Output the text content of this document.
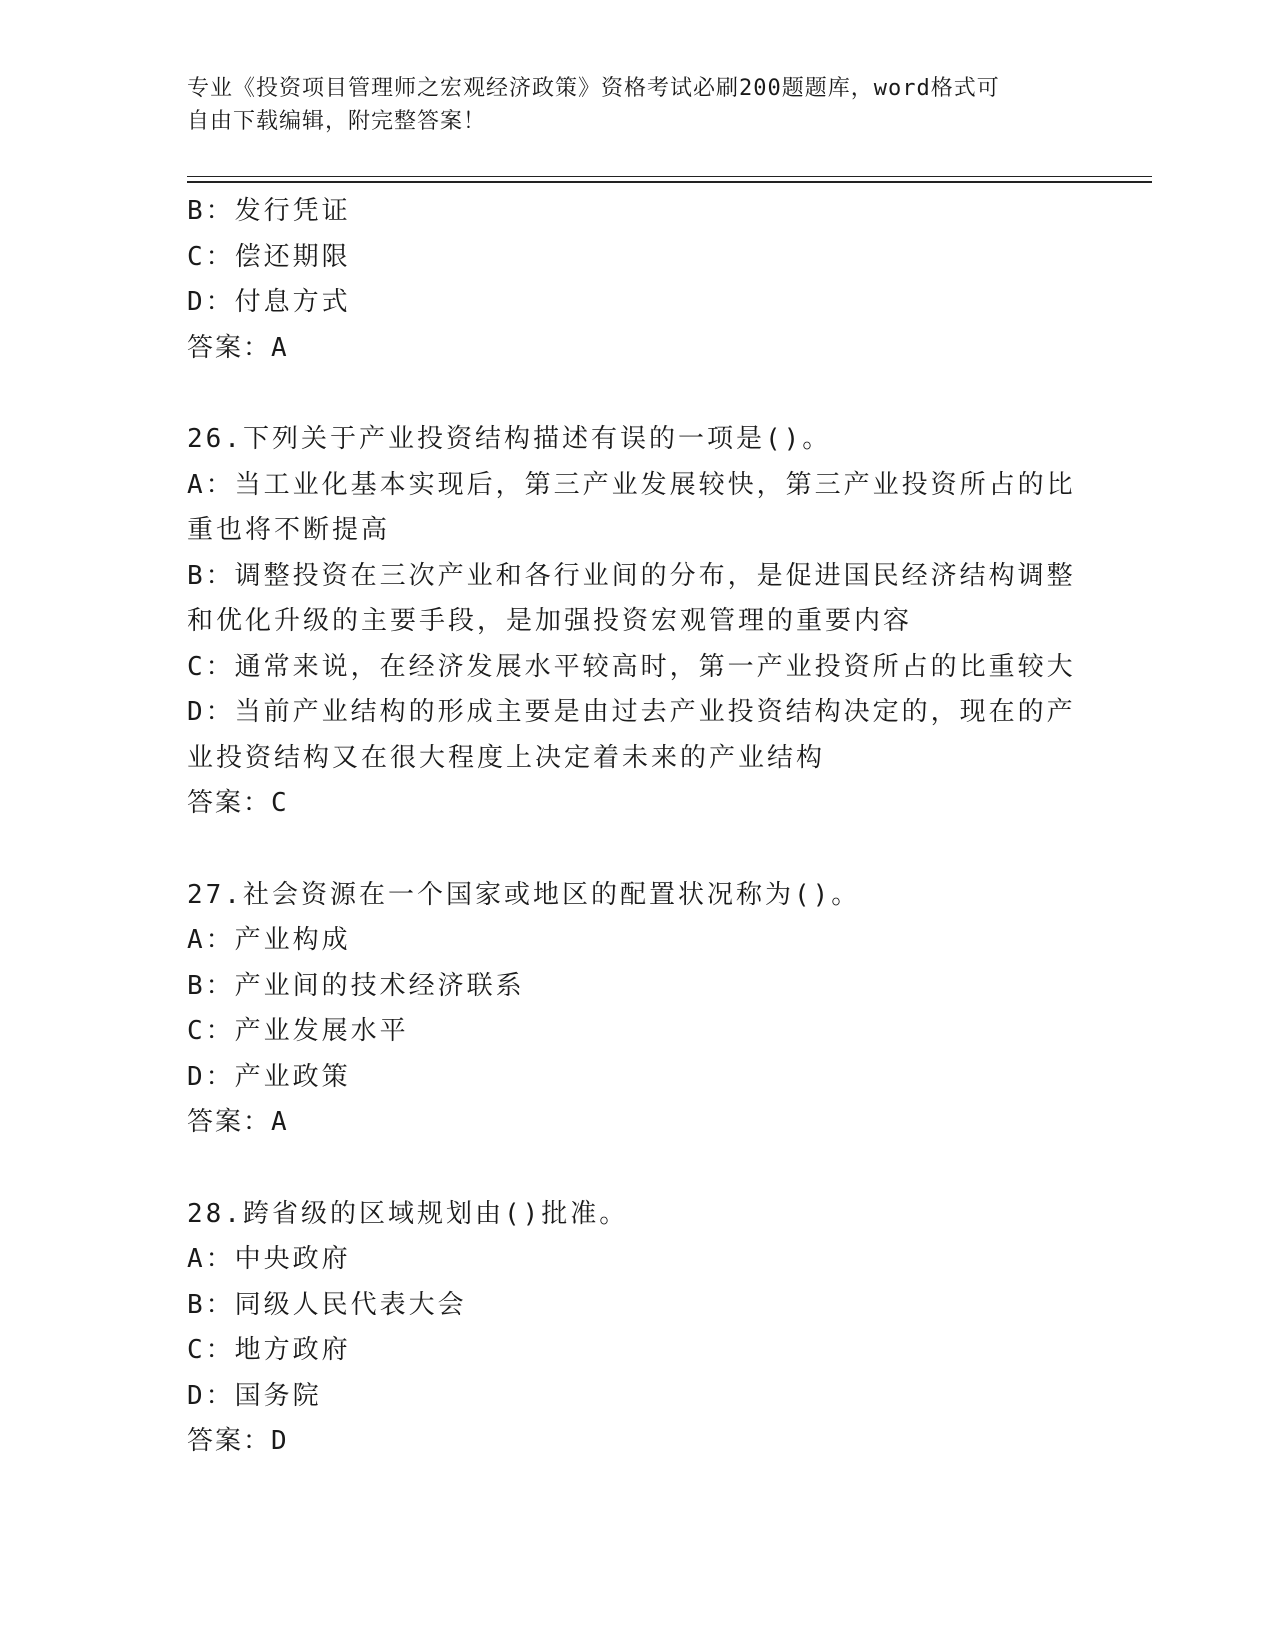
专业《投资项目管理师之宏观经济政策》资格考试必刷200题题库，word格式可
自由下载编辑，附完整答案！
B：发行凭证
C：偿还期限
D：付息方式
答案：A
26.下列关于产业投资结构描述有误的一项是()。
A：当工业化基本实现后，第三产业发展较快，第三产业投资所占的比
重也将不断提高
B：调整投资在三次产业和各行业间的分布，是促进国民经济结构调整
和优化升级的主要手段，是加强投资宏观管理的重要内容
C：通常来说，在经济发展水平较高时，第一产业投资所占的比重较大
D：当前产业结构的形成主要是由过去产业投资结构决定的，现在的产
业投资结构又在很大程度上决定着未来的产业结构
答案：C
27.社会资源在一个国家或地区的配置状况称为()。
A：产业构成
B：产业间的技术经济联系
C：产业发展水平
D：产业政策
答案：A
28.跨省级的区域规划由()批准。
A：中央政府
B：同级人民代表大会
C：地方政府
D：国务院
答案：D
